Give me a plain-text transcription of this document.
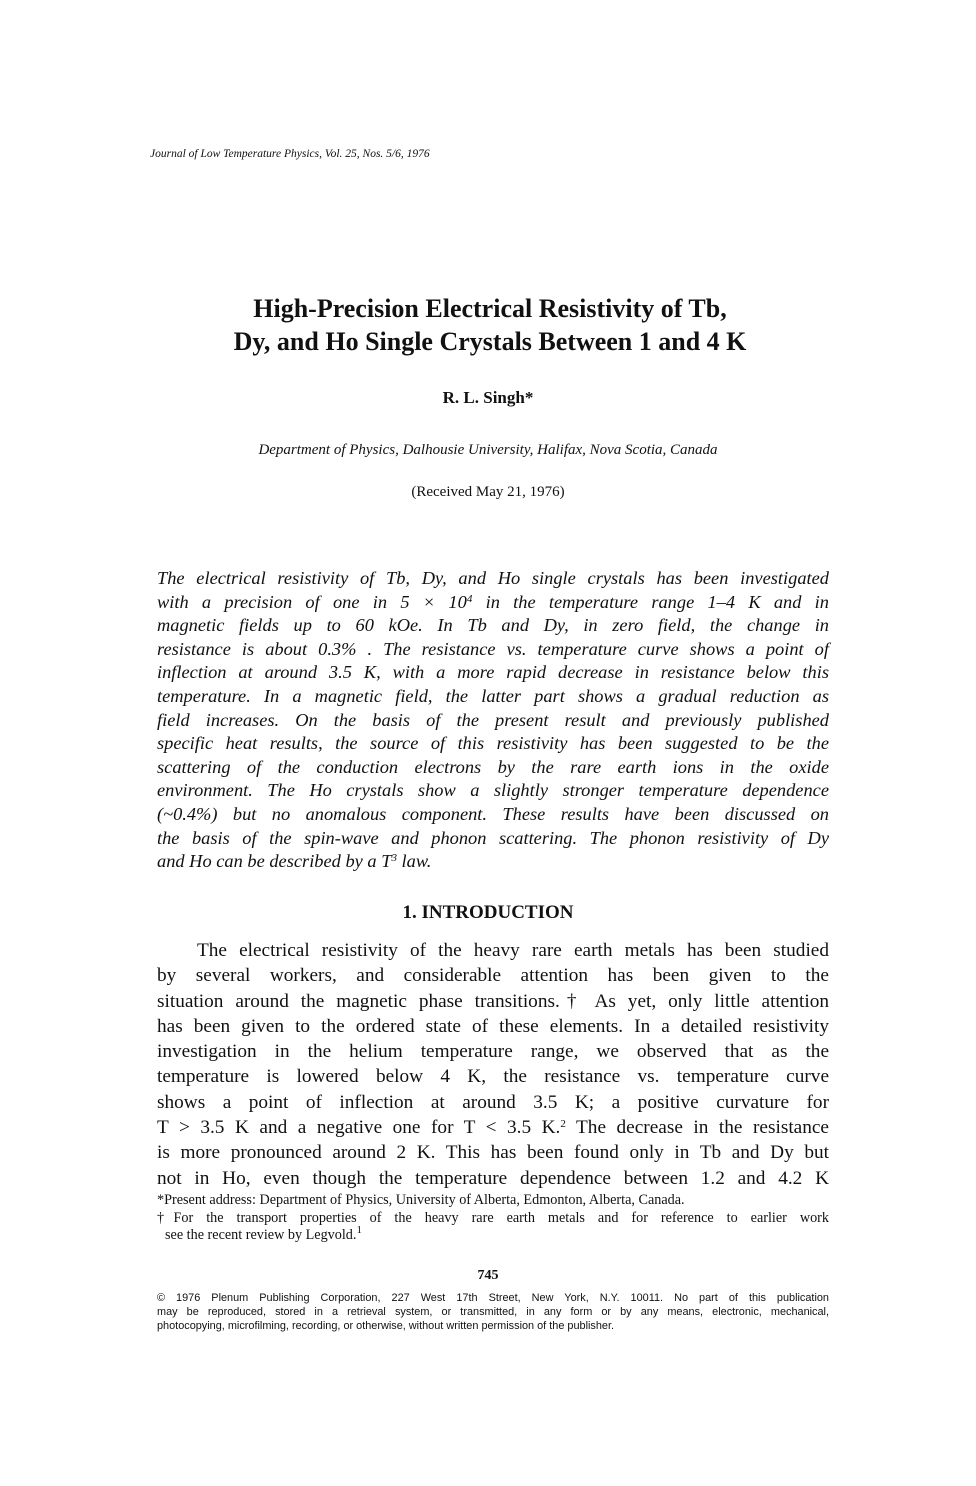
Journal of Low Temperature Physics, Vol. 25, Nos. 5/6, 1976
High-Precision Electrical Resistivity of Tb,
Dy, and Ho Single Crystals Between 1 and 4 K
R. L. Singh*
Department of Physics, Dalhousie University, Halifax, Nova Scotia, Canada
(Received May 21, 1976)
The electrical resistivity of Tb, Dy, and Ho single crystals has been investigated
with a precision of one in $5 \times 10^4$ in the temperature range 1–4 K and in
magnetic fields up to 60 kOe. In Tb and Dy, in zero field, the change in
resistance is about 0.3% . The resistance vs. temperature curve shows a point of
inflection at around 3.5 K, with a more rapid decrease in resistance below this
temperature. In a magnetic field, the latter part shows a gradual reduction as
field increases. On the basis of the present result and previously published
specific heat results, the source of this resistivity has been suggested to be the
scattering of the conduction electrons by the rare earth ions in the oxide
environment. The Ho crystals show a slightly stronger temperature dependence
(~0.4%) but no anomalous component. These results have been discussed on
the basis of the spin-wave and phonon scattering. The phonon resistivity of Dy
and Ho can be described by a $T^3$ law.
1. INTRODUCTION
The electrical resistivity of the heavy rare earth metals has been studied
by several workers, and considerable attention has been given to the
situation around the magnetic phase transitions.† As yet, only little attention
has been given to the ordered state of these elements. In a detailed resistivity
investigation in the helium temperature range, we observed that as the
temperature is lowered below 4 K, the resistance vs. temperature curve
shows a point of inflection at around 3.5 K; a positive curvature for
T > 3.5 K and a negative one for T < 3.5 K.$^2$ The decrease in the resistance
is more pronounced around 2 K. This has been found only in Tb and Dy but
not in Ho, even though the temperature dependence between 1.2 and 4.2 K
*Present address: Department of Physics, University of Alberta, Edmonton, Alberta, Canada.
†For the transport properties of the heavy rare earth metals and for reference to earlier work
see the recent review by Legvold.$^1$
745
© 1976 Plenum Publishing Corporation, 227 West 17th Street, New York, N.Y. 10011. No part of this publication
may be reproduced, stored in a retrieval system, or transmitted, in any form or by any means, electronic, mechanical,
photocopying, microfilming, recording, or otherwise, without written permission of the publisher.
